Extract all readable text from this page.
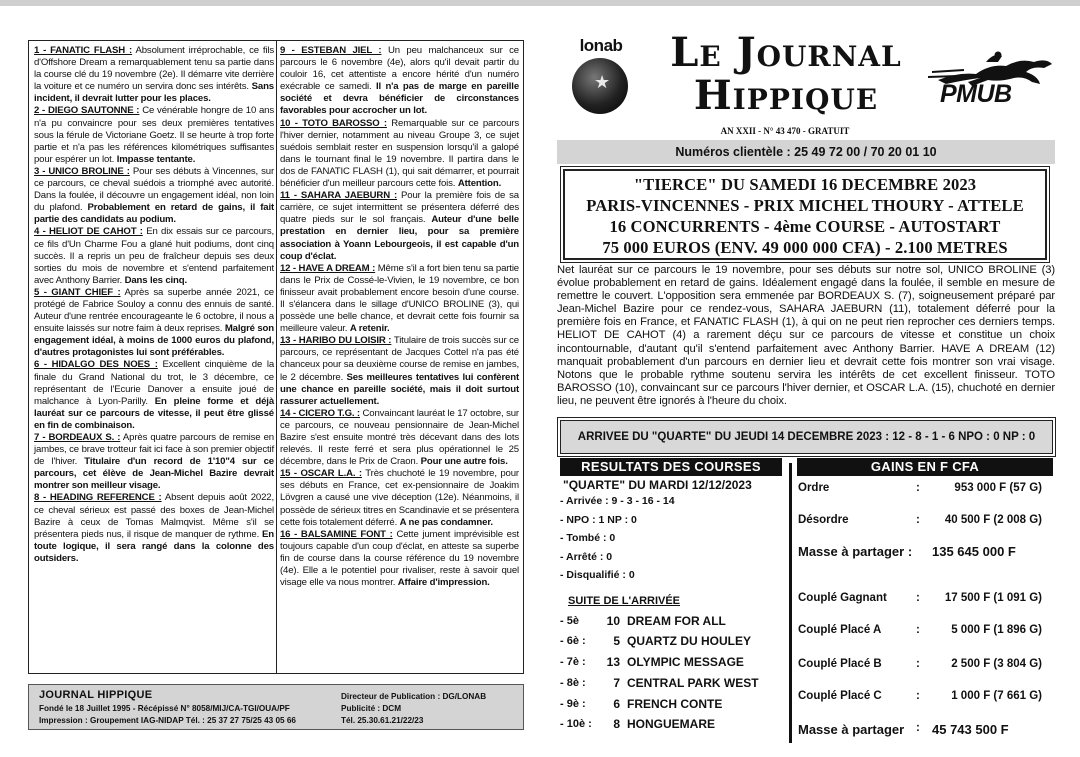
1 - FANATIC FLASH : Absolument irréprochable, ce fils d'Offshore Dream a remarquablement tenu sa partie dans la course clé du 19 novembre (2e). Il démarre vite derrière la voiture et ce numéro un servira donc ses intérêts. Sans incident, il devrait lutter pour les places.

2 - DIEGO SAUTONNE : Ce vénérable hongre de 10 ans n'a pu convaincre pour ses deux premières tentatives sous la férule de Victoriane Goetz. Il se heurte à trop forte partie et n'a pas les références kilométriques suffisantes pour espérer un lot. Impasse tentante.

3 - UNICO BROLINE : Pour ses débuts à Vincennes, sur ce parcours, ce cheval suédois a triomphé avec autorité. Dans la foulée, il découvre un engagement idéal, non loin du plafond. Probablement en retard de gains, il fait partie des candidats au podium.

4 - HELIOT DE CAHOT : En dix essais sur ce parcours, ce fils d'Un Charme Fou a glané huit podiums, dont cinq succès. Il a repris un peu de fraîcheur depuis ses deux sorties du mois de novembre et s'entend parfaitement avec Anthony Barrier. Dans les cinq.

5 - GIANT CHIEF : Après sa superbe année 2021, ce protégé de Fabrice Souloy a connu des ennuis de santé. Auteur d'une rentrée encourageante le 6 octobre, il nous a ensuite laissés sur notre faim à deux reprises. Malgré son engagement idéal, à moins de 1000 euros du plafond, d'autres protagonistes lui sont préférables.

6 - HIDALGO DES NOES : Excellent cinquième de la finale du Grand National du trot, le 3 décembre, ce représentant de l'Ecurie Danover a ensuite joué de malchance à Lyon-Parilly. En pleine forme et déjà lauréat sur ce parcours de vitesse, il peut être glissé en fin de combinaison.

7 - BORDEAUX S. : Après quatre parcours de remise en jambes, ce brave trotteur fait ici face à son premier objectif de l'hiver. Titulaire d'un record de 1'10"4 sur ce parcours, cet élève de Jean-Michel Bazire devrait montrer son meilleur visage.

8 - HEADING REFERENCE : Absent depuis août 2022, ce cheval sérieux est passé des boxes de Jean-Michel Bazire à ceux de Tomas Malmqvist. Même s'il se présentera pieds nus, il risque de manquer de rythme. En toute logique, il sera rangé dans la colonne des outsiders.

9 - ESTEBAN JIEL : Un peu malchanceux sur ce parcours le 6 novembre (4e), alors qu'il devait partir du couloir 16, cet attentiste a encore hérité d'un numéro exécrable ce samedi. Il n'a pas de marge en pareille société et devra bénéficier de circonstances favorables pour accrocher un lot.

10 - TOTO BAROSSO : Remarquable sur ce parcours l'hiver dernier, notamment au niveau Groupe 3, ce sujet suédois semblait rester en suspension lorsqu'il a galopé dans le tournant final le 19 novembre. Il partira dans le dos de FANATIC FLASH (1), qui sait démarrer, et pourrait bénéficier d'un meilleur parcours cette fois. Attention.

11 - SAHARA JAEBURN : Pour la première fois de sa carrière, ce sujet intermittent se présentera déferré des quatre pieds sur le sol français. Auteur d'une belle prestation en dernier lieu, pour sa première association à Yoann Lebourgeois, il est capable d'un coup d'éclat.

12 - HAVE A DREAM : Même s'il a fort bien tenu sa partie dans le Prix de Cossé-le-Vivien, le 19 novembre, ce bon finisseur avait probablement encore besoin d'une course. Il s'élancera dans le sillage d'UNICO BROLINE (3), qui possède une belle chance, et devrait cette fois fournir sa meilleure valeur. A retenir.

13 - HARIBO DU LOISIR : Titulaire de trois succès sur ce parcours, ce représentant de Jacques Cottel n'a pas été chanceux pour sa deuxième course de remise en jambes, le 2 décembre. Ses meilleures tentatives lui confèrent une chance en pareille société, mais il doit surtout rassurer actuellement.

14 - CICERO T.G. : Convaincant lauréat le 17 octobre, sur ce parcours, ce nouveau pensionnaire de Jean-Michel Bazire s'est ensuite montré très décevant dans des lots relevés. Il reste ferré et sera plus opérationnel le 25 décembre, dans le Prix de Craon. Pour une autre fois.

15 - OSCAR L.A. : Très chuchoté le 19 novembre, pour ses débuts en France, cet ex-pensionnaire de Joakim Lövgren a causé une vive déception (12e). Néanmoins, il possède de sérieux titres en Scandinavie et se présentera cette fois totalement déferré. A ne pas condamner.

16 - BALSAMINE FONT : Cette jument imprévisible est toujours capable d'un coup d'éclat, en atteste sa superbe fin de course dans la course référence du 19 novembre (4e). Elle a le potentiel pour rivaliser, reste à savoir quel visage elle va nous montrer. Affaire d'impression.

JOURNAL HIPPIQUE
Fondé le 18 Juillet 1995 - Récépissé N° 8058/MIJ/CA-TGI/OUA/PF
Impression : Groupement IAG-NIDAP Tél. : 25 37 27 75/25 43 05 66
Directeur de Publication : DG/LONAB
Publicité : DCM
Tél. 25.30.61.21/22/23
lonab
★
Le Journal
Hippique
AN XXII - N° 43 470 - GRATUIT
PMUB
Numéros clientèle : 25 49 72 00 / 70 20 01 10
"TIERCE" DU SAMEDI 16 DECEMBRE 2023
PARIS-VINCENNES - PRIX MICHEL THOURY - ATTELE
16 CONCURRENTS - 4ème COURSE - AUTOSTART
75 000 EUROS (ENV. 49 000 000 CFA) - 2.100 METRES
Net lauréat sur ce parcours le 19 novembre, pour ses débuts sur notre sol, UNICO BROLINE (3) évolue probablement en retard de gains. Idéalement engagé dans la foulée, il semble en mesure de remettre le couvert. L'opposition sera emmenée par BORDEAUX S. (7), soigneusement préparé par Jean-Michel Bazire pour ce rendez-vous, SAHARA JAEBURN (11), totalement déferré pour la première fois en France, et FANATIC FLASH (1), à qui on ne peut rien reprocher ces derniers temps. HELIOT DE CAHOT (4) a rarement déçu sur ce parcours de vitesse et constitue un choix incontournable, d'autant qu'il s'entend parfaitement avec Anthony Barrier. HAVE A DREAM (12) manquait probablement d'un parcours en dernier lieu et devrait cette fois montrer son vrai visage. Notons que le probable rythme soutenu servira les intérêts de cet excellent finisseur. TOTO BAROSSO (10), convaincant sur ce parcours l'hiver dernier, et OSCAR L.A. (15), chuchoté en dernier lieu, ne peuvent être ignorés à l'heure du choix.
ARRIVEE DU "QUARTE" DU JEUDI 14 DECEMBRE 2023 : 12 - 8 - 1 - 6 NPO : 0 NP : 0
RESULTATS DES COURSES	GAINS EN F CFA
"QUARTE" DU MARDI 12/12/2023
- Arrivée : 9 - 3 - 16 - 14
- NPO : 1 NP : 0
- Tombé : 0
- Arrêté : 0
- Disqualifié : 0
SUITE DE L'ARRIVÉE
- 5è	10 DREAM FOR ALL
- 6è :	5 QUARTZ DU HOULEY
- 7è :	13 OLYMPIC MESSAGE
- 8è :	7 CENTRAL PARK WEST
- 9è :	6 FRENCH CONTE
- 10è :	8 HONGUEMARE
Ordre	:	953 000 F (57 G)
Désordre	: 40 500 F (2 008 G)
Masse à partager : 135 645 000 F
Couplé Gagnant	: 17 500 F (1 091 G)
Couplé Placé A	:	5 000 F (1 896 G)
Couplé Placé B	:	2 500 F (3 804 G)
Couplé Placé C	:	1 000 F (7 661 G)
Masse à partager : 45 743 500 F
